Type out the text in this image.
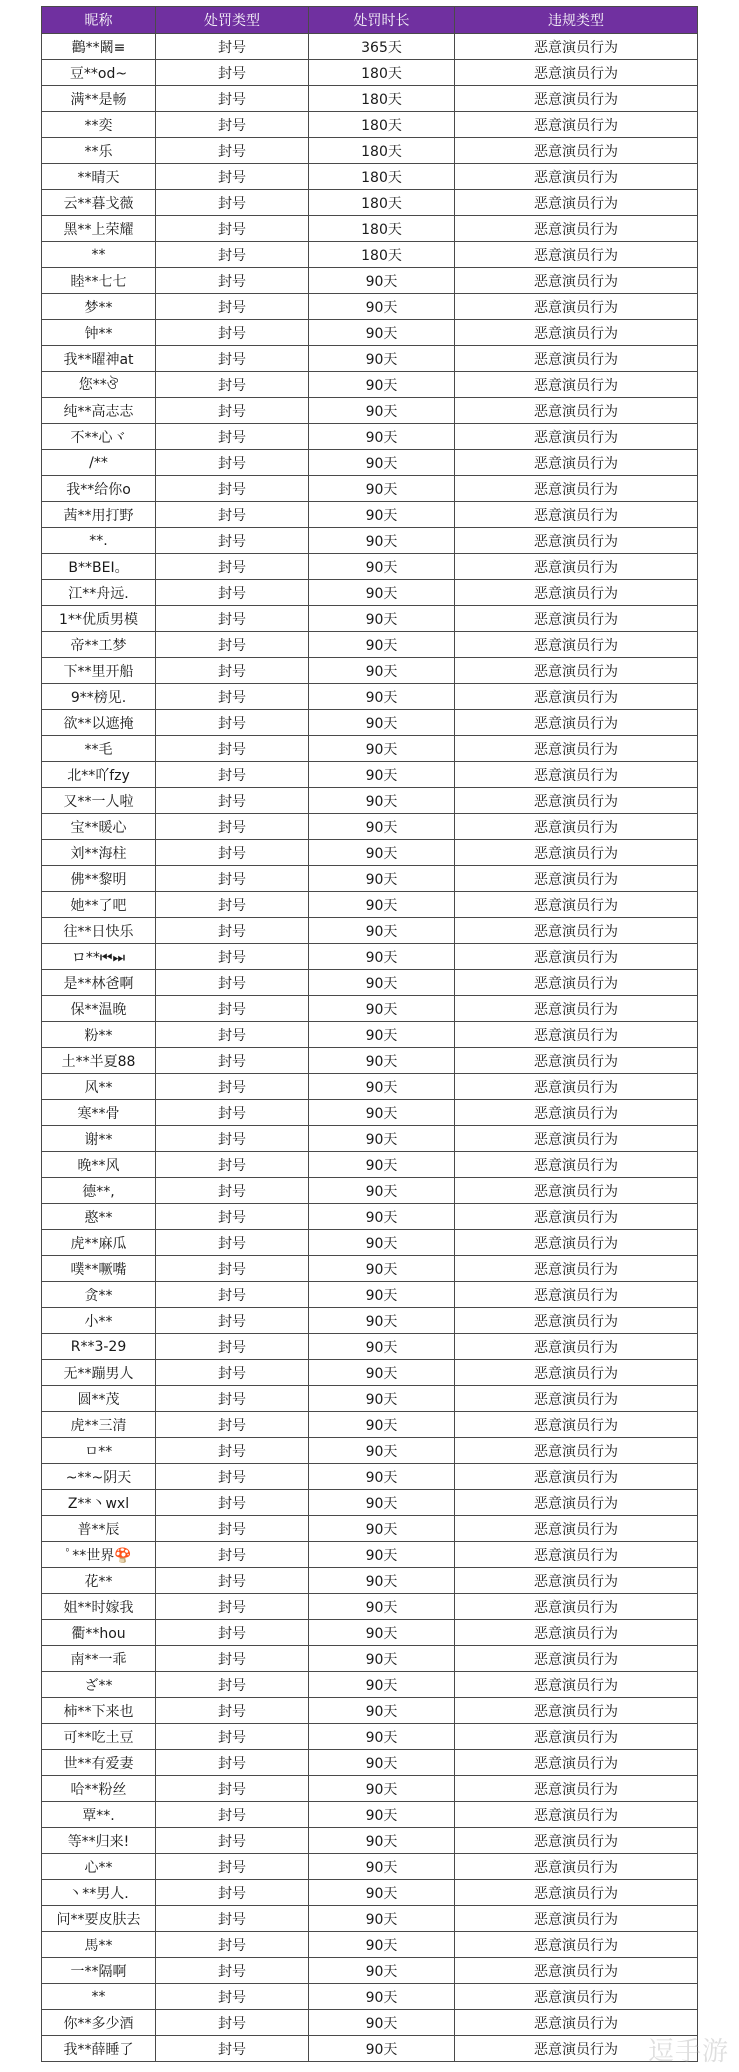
昵称	处罚类型	处罚时长	违规类型
鸛**鬫≡	封号	365天	恶意演员行为
豆**od~	封号	180天	恶意演员行为
满**是畅	封号	180天	恶意演员行为
**奕	封号	180天	恶意演员行为
**乐	封号	180天	恶意演员行为
**晴天	封号	180天	恶意演员行为
云**暮戈薇	封号	180天	恶意演员行为
黑**上荣耀	封号	180天	恶意演员行为
**	封号	180天	恶意演员行为
睦**七七	封号	90天	恶意演员行为
梦**	封号	90天	恶意演员行为
钟**	封号	90天	恶意演员行为
我**曜神at	封号	90天	恶意演员行为
您**ঔ	封号	90天	恶意演员行为
纯**高志志	封号	90天	恶意演员行为
不**心ヾ	封号	90天	恶意演员行为
/**	封号	90天	恶意演员行为
我**给你o	封号	90天	恶意演员行为
茜**用打野	封号	90天	恶意演员行为
**.	封号	90天	恶意演员行为
B**BEI。	封号	90天	恶意演员行为
江**舟远.	封号	90天	恶意演员行为
1**优质男模	封号	90天	恶意演员行为
帝**工梦	封号	90天	恶意演员行为
下**里开船	封号	90天	恶意演员行为
9**榜见.	封号	90天	恶意演员行为
欲**以遮掩	封号	90天	恶意演员行为
**毛	封号	90天	恶意演员行为
北**吖fzy	封号	90天	恶意演员行为
又**一人啦	封号	90天	恶意演员行为
宝**暖心	封号	90天	恶意演员行为
刘**海柱	封号	90天	恶意演员行为
佛**黎明	封号	90天	恶意演员行为
她**了吧	封号	90天	恶意演员行为
往**日快乐	封号	90天	恶意演员行为
ロ**⏮⏭	封号	90天	恶意演员行为
是**林爸啊	封号	90天	恶意演员行为
保**温晚	封号	90天	恶意演员行为
粉**	封号	90天	恶意演员行为
土**半夏88	封号	90天	恶意演员行为
风**	封号	90天	恶意演员行为
寒**骨	封号	90天	恶意演员行为
谢**	封号	90天	恶意演员行为
晚**风	封号	90天	恶意演员行为
德**,	封号	90天	恶意演员行为
憨**	封号	90天	恶意演员行为
虎**麻瓜	封号	90天	恶意演员行为
噗**噘嘴	封号	90天	恶意演员行为
贪**	封号	90天	恶意演员行为
小**	封号	90天	恶意演员行为
R**3-29	封号	90天	恶意演员行为
无**蹦男人	封号	90天	恶意演员行为
圆**茂	封号	90天	恶意演员行为
虎**三清	封号	90天	恶意演员行为
ㅁ**	封号	90天	恶意演员行为
~**~阴天	封号	90天	恶意演员行为
Z**丶wxl	封号	90天	恶意演员行为
普**辰	封号	90天	恶意演员行为
ﾟ**世界🍄	封号	90天	恶意演员行为
花**	封号	90天	恶意演员行为
姐**时嫁我	封号	90天	恶意演员行为
衢**hou	封号	90天	恶意演员行为
南**一乖	封号	90天	恶意演员行为
ざ**	封号	90天	恶意演员行为
柿**下来也	封号	90天	恶意演员行为
可**吃土豆	封号	90天	恶意演员行为
世**有爱妻	封号	90天	恶意演员行为
哈**粉丝	封号	90天	恶意演员行为
覃**.	封号	90天	恶意演员行为
等**归来!	封号	90天	恶意演员行为
心**	封号	90天	恶意演员行为
丶**男人.	封号	90天	恶意演员行为
问**要皮肤去	封号	90天	恶意演员行为
馬**	封号	90天	恶意演员行为
一**隔啊	封号	90天	恶意演员行为
**	封号	90天	恶意演员行为
你**多少酒	封号	90天	恶意演员行为
我**薛睡了	封号	90天	恶意演员行为 逗手游
